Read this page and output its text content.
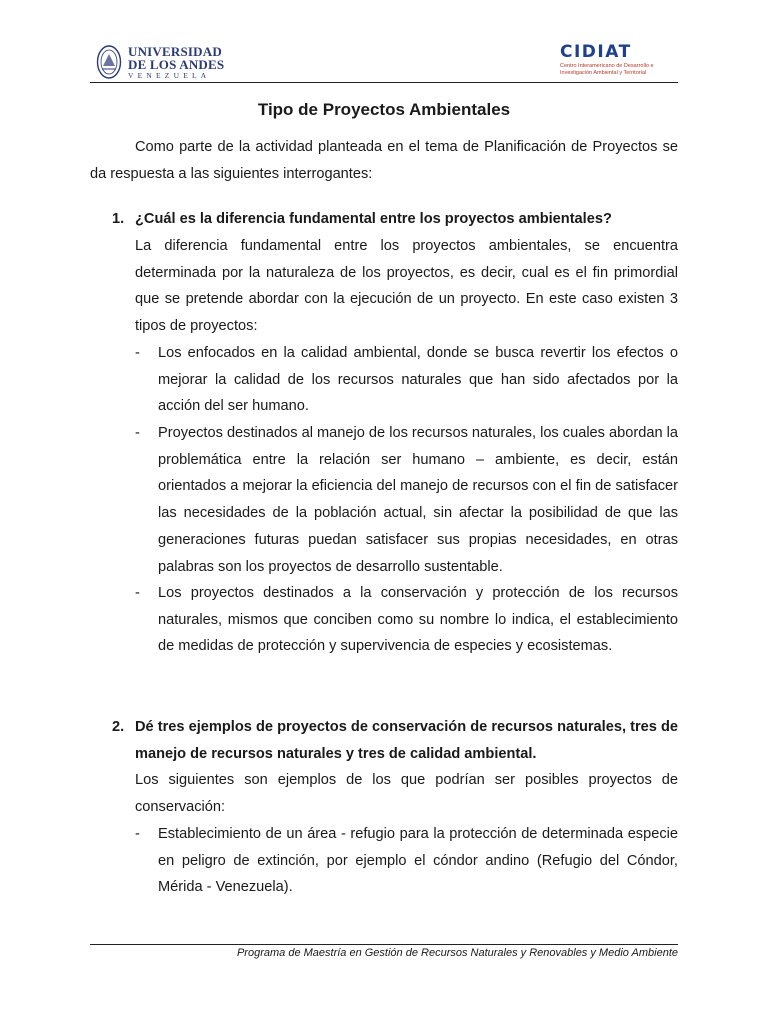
UNIVERSIDAD
DE LOS ANDES
VENEZUELA
CIDIAT
Centro Interamericano de Desarrollo e
Investigación Ambiental y Territorial
Tipo de Proyectos Ambientales
Como parte de la actividad planteada en el tema de Planificación de Proyectos se da respuesta a las siguientes interrogantes:
1. ¿Cuál es la diferencia fundamental entre los proyectos ambientales?
La diferencia fundamental entre los proyectos ambientales, se encuentra determinada por la naturaleza de los proyectos, es decir, cual es el fin primordial que se pretende abordar con la ejecución de un proyecto. En este caso existen 3 tipos de proyectos:
- Los enfocados en la calidad ambiental, donde se busca revertir los efectos o mejorar la calidad de los recursos naturales que han sido afectados por la acción del ser humano.
- Proyectos destinados al manejo de los recursos naturales, los cuales abordan la problemática entre la relación ser humano – ambiente, es decir, están orientados a mejorar la eficiencia del manejo de recursos con el fin de satisfacer las necesidades de la población actual, sin afectar la posibilidad de que las generaciones futuras puedan satisfacer sus propias necesidades, en otras palabras son los proyectos de desarrollo sustentable.
- Los proyectos destinados a la conservación y protección de los recursos naturales, mismos que conciben como su nombre lo indica, el establecimiento de medidas de protección y supervivencia de especies y ecosistemas.
2. Dé tres ejemplos de proyectos de conservación de recursos naturales, tres de manejo de recursos naturales y tres de calidad ambiental.
Los siguientes son ejemplos de los que podrían ser posibles proyectos de conservación:
- Establecimiento de un área - refugio para la protección de determinada especie en peligro de extinción, por ejemplo el cóndor andino (Refugio del Cóndor, Mérida - Venezuela).
Programa de Maestría en Gestión de Recursos Naturales y Renovables y Medio Ambiente
